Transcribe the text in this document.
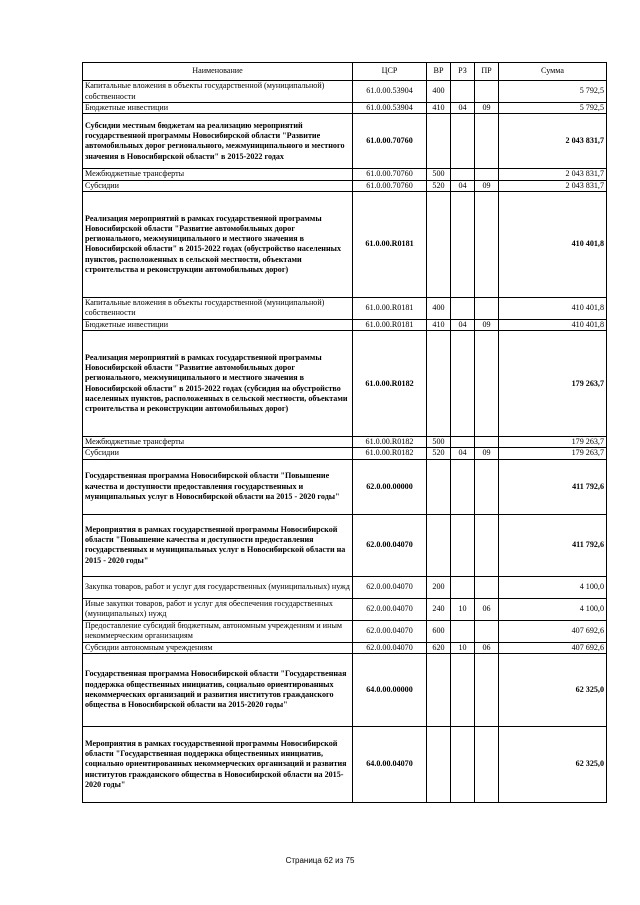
Наименование	ЦСР	ВР	РЗ	ПР	Сумма
Капитальные вложения в объекты государственной (муниципальной) собственности	61.0.00.53904	400			5 792,5
Бюджетные инвестиции	61.0.00.53904	410	04	09	5 792,5
Субсидии местным бюджетам на реализацию мероприятий государственной программы Новосибирской области "Развитие автомобильных дорог регионального, межмуниципального и местного значения в Новосибирской области" в 2015-2022 годах	61.0.00.70760				2 043 831,7
Межбюджетные трансферты	61.0.00.70760	500			2 043 831,7
Субсидии	61.0.00.70760	520	04	09	2 043 831,7
Реализация мероприятий в рамках государственной программы Новосибирской области "Развитие автомобильных дорог регионального, межмуниципального и местного значения в Новосибирской области" в 2015-2022 годах (обустройство населенных пунктов, расположенных в сельской местности, объектами строительства и реконструкции автомобильных дорог)	61.0.00.R0181				410 401,8
Капитальные вложения в объекты государственной (муниципальной) собственности	61.0.00.R0181	400			410 401,8
Бюджетные инвестиции	61.0.00.R0181	410	04	09	410 401,8
Реализация мероприятий в рамках государственной программы Новосибирской области "Развитие автомобильных дорог регионального, межмуниципального и местного значения в Новосибирской области" в 2015-2022 годах (субсидия на обустройство населенных пунктов, расположенных в сельской местности, объектами строительства и реконструкции автомобильных дорог)	61.0.00.R0182				179 263,7
Межбюджетные трансферты	61.0.00.R0182	500			179 263,7
Субсидии	61.0.00.R0182	520	04	09	179 263,7
Государственная программа Новосибирской области "Повышение качества и доступности предоставления государственных и муниципальных услуг в Новосибирской области на 2015 - 2020 годы"	62.0.00.00000				411 792,6
Мероприятия в рамках государственной программы Новосибирской области "Повышение качества и доступности предоставления государственных и муниципальных услуг в Новосибирской области на 2015 - 2020 годы"	62.0.00.04070				411 792,6
Закупка товаров, работ и услуг для государственных (муниципальных) нужд	62.0.00.04070	200			4 100,0
Иные закупки товаров, работ и услуг для обеспечения государственных (муниципальных) нужд	62.0.00.04070	240	10	06	4 100,0
Предоставление субсидий бюджетным, автономным учреждениям и иным некоммерческим организациям	62.0.00.04070	600			407 692,6
Субсидии автономным учреждениям	62.0.00.04070	620	10	06	407 692,6
Государственная программа Новосибирской области "Государственная поддержка общественных инициатив, социально ориентированных некоммерческих организаций и развития институтов гражданского общества в Новосибирской области на 2015-2020 годы"	64.0.00.00000				62 325,0
Мероприятия в рамках государственной программы Новосибирской области "Государственная поддержка общественных инициатив, социально ориентированных некоммерческих организаций и развития институтов гражданского общества в Новосибирской области на 2015-2020 годы"	64.0.00.04070				62 325,0
Страница 62 из 75
